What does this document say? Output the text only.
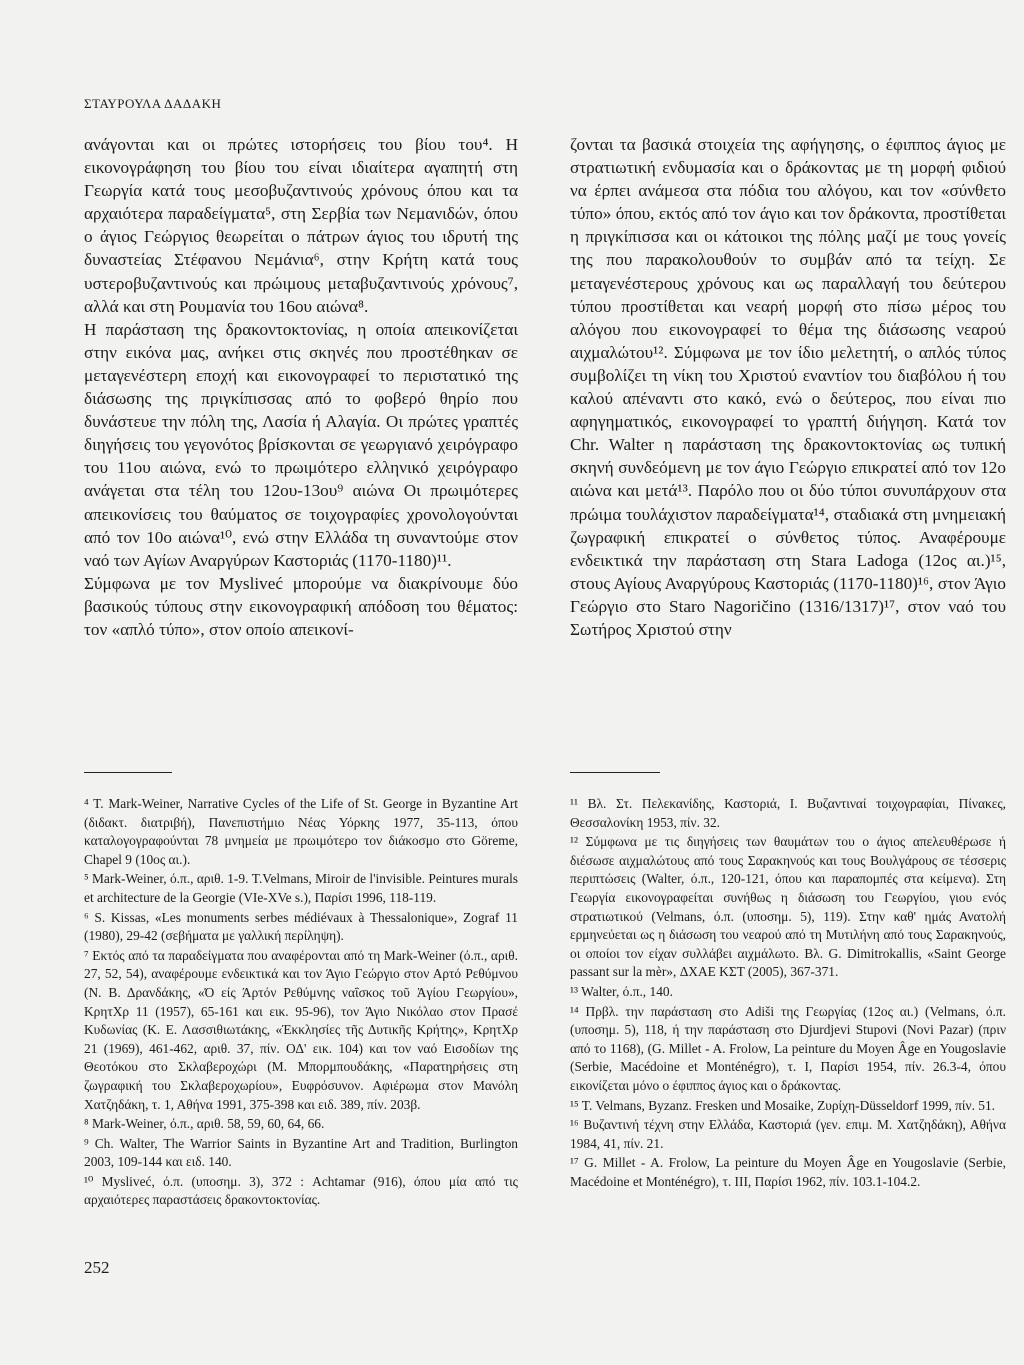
ΣΤΑΥΡΟΥΛΑ ΔΑΔΑΚΗ

ανάγονται και οι πρώτες ιστορήσεις του βίου του⁴. Η εικονογράφηση του βίου του είναι ιδιαίτερα αγαπητή στη Γεωργία κατά τους μεσοβυζαντινούς χρόνους όπου και τα αρχαιότερα παραδείγματα⁵, στη Σερβία των Νεμανιδών, όπου ο άγιος Γεώργιος θεωρείται ο πάτρων άγιος του ιδρυτή της δυναστείας Στέφανου Νεμάνια⁶, στην Κρήτη κατά τους υστεροβυζαντινούς και πρώιμους μεταβυζαντινούς χρόνους⁷, αλλά και στη Ρουμανία του 16ου αιώνα⁸.

Η παράσταση της δρακοντοκτονίας, η οποία απεικονίζεται στην εικόνα μας, ανήκει στις σκηνές που προστέθηκαν σε μεταγενέστερη εποχή και εικονογραφεί το περιστατικό της διάσωσης της πριγκίπισσας από το φοβερό θηρίο που δυνάστευε την πόλη της, Λασία ή Αλαγία. Οι πρώτες γραπτές διηγήσεις του γεγονότος βρίσκονται σε γεωργιανό χειρόγραφο του 11ου αιώνα, ενώ το πρωιμότερο ελληνικό χειρόγραφο ανάγεται στα τέλη του 12ου-13ου⁹ αιώνα Οι πρωιμότερες απεικονίσεις του θαύματος σε τοιχογραφίες χρονολογούνται από τον 10ο αιώνα¹⁰, ενώ στην Ελλάδα τη συναντούμε στον ναό των Αγίων Αναργύρων Καστοριάς (1170-1180)¹¹.

Σύμφωνα με τον Mysliveć μπορούμε να διακρίνουμε δύο βασικούς τύπους στην εικονογραφική απόδοση του θέματος: τον «απλό τύπο», στον οποίο απεικονί-

ζονται τα βασικά στοιχεία της αφήγησης, ο έφιππος άγιος με στρατιωτική ενδυμασία και ο δράκοντας με τη μορφή φιδιού να έρπει ανάμεσα στα πόδια του αλόγου, και τον «σύνθετο τύπο» όπου, εκτός από τον άγιο και τον δράκοντα, προστίθεται η πριγκίπισσα και οι κάτοικοι της πόλης μαζί με τους γονείς της που παρακολουθούν το συμβάν από τα τείχη. Σε μεταγενέστερους χρόνους και ως παραλλαγή του δεύτερου τύπου προστίθεται και νεαρή μορφή στο πίσω μέρος του αλόγου που εικονογραφεί το θέμα της διάσωσης νεαρού αιχμαλώτου¹². Σύμφωνα με τον ίδιο μελετητή, ο απλός τύπος συμβολίζει τη νίκη του Χριστού εναντίον του διαβόλου ή του καλού απέναντι στο κακό, ενώ ο δεύτερος, που είναι πιο αφηγηματικός, εικονογραφεί το γραπτή διήγηση. Κατά τον Chr. Walter η παράσταση της δρακοντοκτονίας ως τυπική σκηνή συνδεόμενη με τον άγιο Γεώργιο επικρατεί από τον 12ο αιώνα και μετά¹³. Παρόλο που οι δύο τύποι συνυπάρχουν στα πρώιμα τουλάχιστον παραδείγματα¹⁴, σταδιακά στη μνημειακή ζωγραφική επικρατεί ο σύνθετος τύπος. Αναφέρουμε ενδεικτικά την παράσταση στη Stara Ladoga (12ος αι.)¹⁵, στους Αγίους Αναργύρους Καστοριάς (1170-1180)¹⁶, στον Άγιο Γεώργιο στο Staro Nagoričino (1316/1317)¹⁷, στον ναό του Σωτήρος Χριστού στην

⁴ T. Mark-Weiner, Narrative Cycles of the Life of St. George in Byzantine Art (διδακτ. διατριβή), Πανεπιστήμιο Νέας Υόρκης 1977, 35-113, όπου καταλογογραφούνται 78 μνημεία με πρωιμότερο τον διάκοσμο στο Göreme, Chapel 9 (10ος αι.).

⁵ Mark-Weiner, ό.π., αριθ. 1-9. T.Velmans, Miroir de l'invisible. Peintures murals et architecture de la Georgie (VIe-XVe s.), Παρίσι 1996, 118-119.

⁶ S. Kissas, «Les monuments serbes médiévaux à Thessalonique», Zograf 11 (1980), 29-42 (σεβήματα με γαλλική περίληψη).

⁷ Εκτός από τα παραδείγματα που αναφέρονται από τη Mark-Weiner (ό.π., αριθ. 27, 52, 54), αναφέρουμε ενδεικτικά και τον Άγιο Γεώργιο στον Αρτό Ρεθύμνου (Ν. Β. Δρανδάκης, «Ό είς Άρτόν Ρεθύμνης ναΐσκος τοῦ Ἁγίου Γεωργίου», ΚρητΧρ 11 (1957), 65-161 και εικ. 95-96), τον Άγιο Νικόλαο στον Πρασέ Κυδωνίας (Κ. Ε. Λασσιθιωτάκης, «Έκκλησίες τῆς Δυτικῆς Κρήτης», ΚρητΧρ 21 (1969), 461-462, αριθ. 37, πίν. ΟΔ' εικ. 104) και τον ναό Εισοδίων της Θεοτόκου στο Σκλαβεροχώρι (Μ. Μπορμπουδάκης, «Παρατηρήσεις στη ζωγραφική του Σκλαβεροχωρίου», Ευφρόσυνον. Αφιέρωμα στον Μανόλη Χατζηδάκη, τ. 1, Αθήνα 1991, 375-398 και ειδ. 389, πίν. 203β.

⁸ Mark-Weiner, ό.π., αριθ. 58, 59, 60, 64, 66.

⁹ Ch. Walter, The Warrior Saints in Byzantine Art and Tradition, Burlington 2003, 109-144 και ειδ. 140.

¹⁰ Mysliveć, ό.π. (υποσημ. 3), 372 : Achtamar (916), όπου μία από τις αρχαιότερες παραστάσεις δρακοντοκτονίας.

¹¹ Βλ. Στ. Πελεκανίδης, Καστοριά, Ι. Βυζαντιναί τοιχογραφίαι, Πίνακες, Θεσσαλονίκη 1953, πίν. 32.

¹² Σύμφωνα με τις διηγήσεις των θαυμάτων του ο άγιος απελευθέρωσε ή διέσωσε αιχμαλώτους από τους Σαρακηνούς και τους Βουλγάρους σε τέσσερις περιπτώσεις (Walter, ό.π., 120-121, όπου και παραπομπές στα κείμενα). Στη Γεωργία εικονογραφείται συνήθως η διάσωση του Γεωργίου, γιου ενός στρατιωτικού (Velmans, ό.π. (υποσημ. 5), 119). Στην καθ' ημάς Ανατολή ερμηνεύεται ως η διάσωση του νεαρού από τη Μυτιλήνη από τους Σαρακηνούς, οι οποίοι τον είχαν συλλάβει αιχμάλωτο. Βλ. G. Dimitrokallis, «Saint George passant sur la mèr», ΔΧΑΕ ΚΣΤ (2005), 367-371.

¹³ Walter, ό.π., 140.

¹⁴ Πρβλ. την παράσταση στο Adiši της Γεωργίας (12ος αι.) (Velmans, ό.π. (υποσημ. 5), 118, ή την παράσταση στο Djurdjevi Stupovi (Novi Pazar) (πριν από το 1168), (G. Millet - A. Frolow, La peinture du Moyen Âge en Yougoslavie (Serbie, Macédoine et Monténégro), τ. Ι, Παρίσι 1954, πίν. 26.3-4, όπου εικονίζεται μόνο ο έφιππος άγιος και ο δράκοντας.

¹⁵ T. Velmans, Byzanz. Fresken und Mosaike, Ζυρίχη-Düsseldorf 1999, πίν. 51.

¹⁶ Βυζαντινή τέχνη στην Ελλάδα, Καστοριά (γεν. επιμ. Μ. Χατζηδάκη), Αθήνα 1984, 41, πίν. 21.

¹⁷ G. Millet - A. Frolow, La peinture du Moyen Âge en Yougoslavie (Serbie, Macédoine et Monténégro), τ. ΙΙΙ, Παρίσι 1962, πίν. 103.1-104.2.

252
